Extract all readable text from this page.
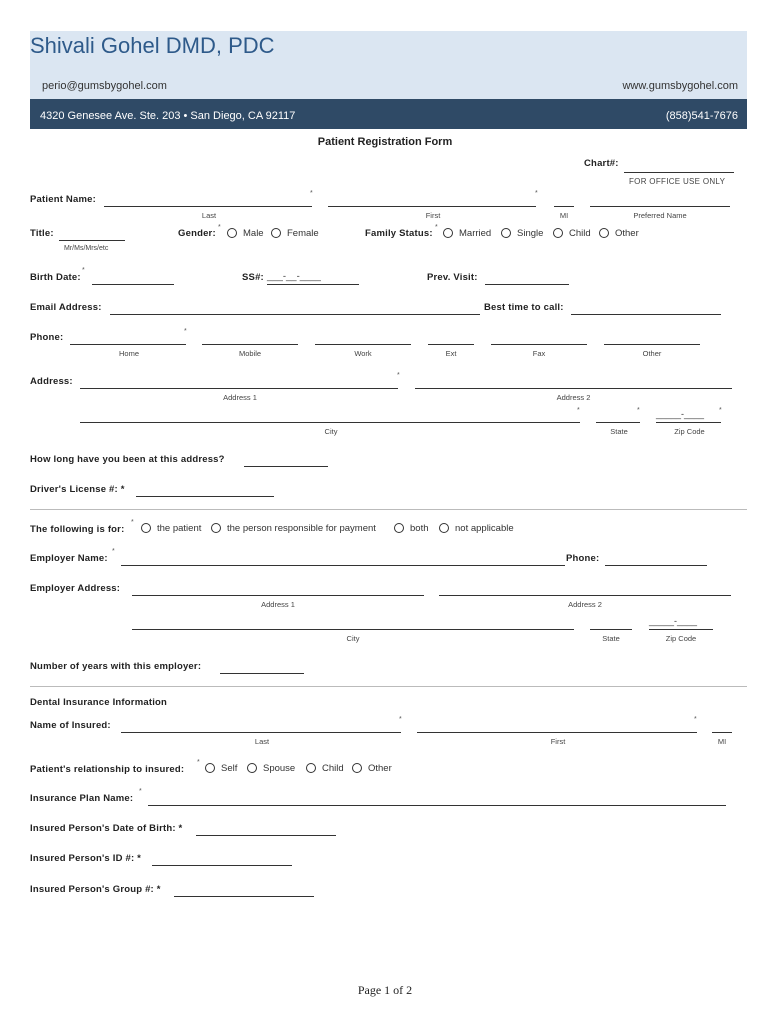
Shivali Gohel DMD, PDC
perio@gumsbygohel.com	www.gumsbygohel.com
4320 Genesee Ave. Ste. 203 • San Diego, CA 92117	(858)541-7676
Patient Registration Form
Chart#:
FOR OFFICE USE ONLY
Patient Name:
*	*
Last	First	MI	Preferred Name
Title:
Mr/Ms/Mrs/etc
Gender:
*
Male Female	Family Status:
*
Married	Single	Child	Other
Birth Date:
*
SS#: ___-__-____	Prev. Visit:
Email Address:	Best time to call:
Phone:
*
Home	Mobile	Work	Ext	Fax	Other
Address:
*
Address 1	Address 2
*	* _____-____ *
City	State	Zip Code
How long have you been at this address?
Driver's License #: *
The following is for:
*
the patient	the person responsible for payment	both	not applicable
Employer Name:
*
Phone:
Employer Address:
Address 1	Address 2
_____-____
City	State	Zip Code
Number of years with this employer:
Dental Insurance Information
Name of Insured:
*	*
Last	First	MI
Patient's relationship to insured:
*
Self	Spouse	Child	Other
Insurance Plan Name:
*
Insured Person's Date of Birth: *
Insured Person's ID #: *
Insured Person's Group #: *
Page 1 of 2
